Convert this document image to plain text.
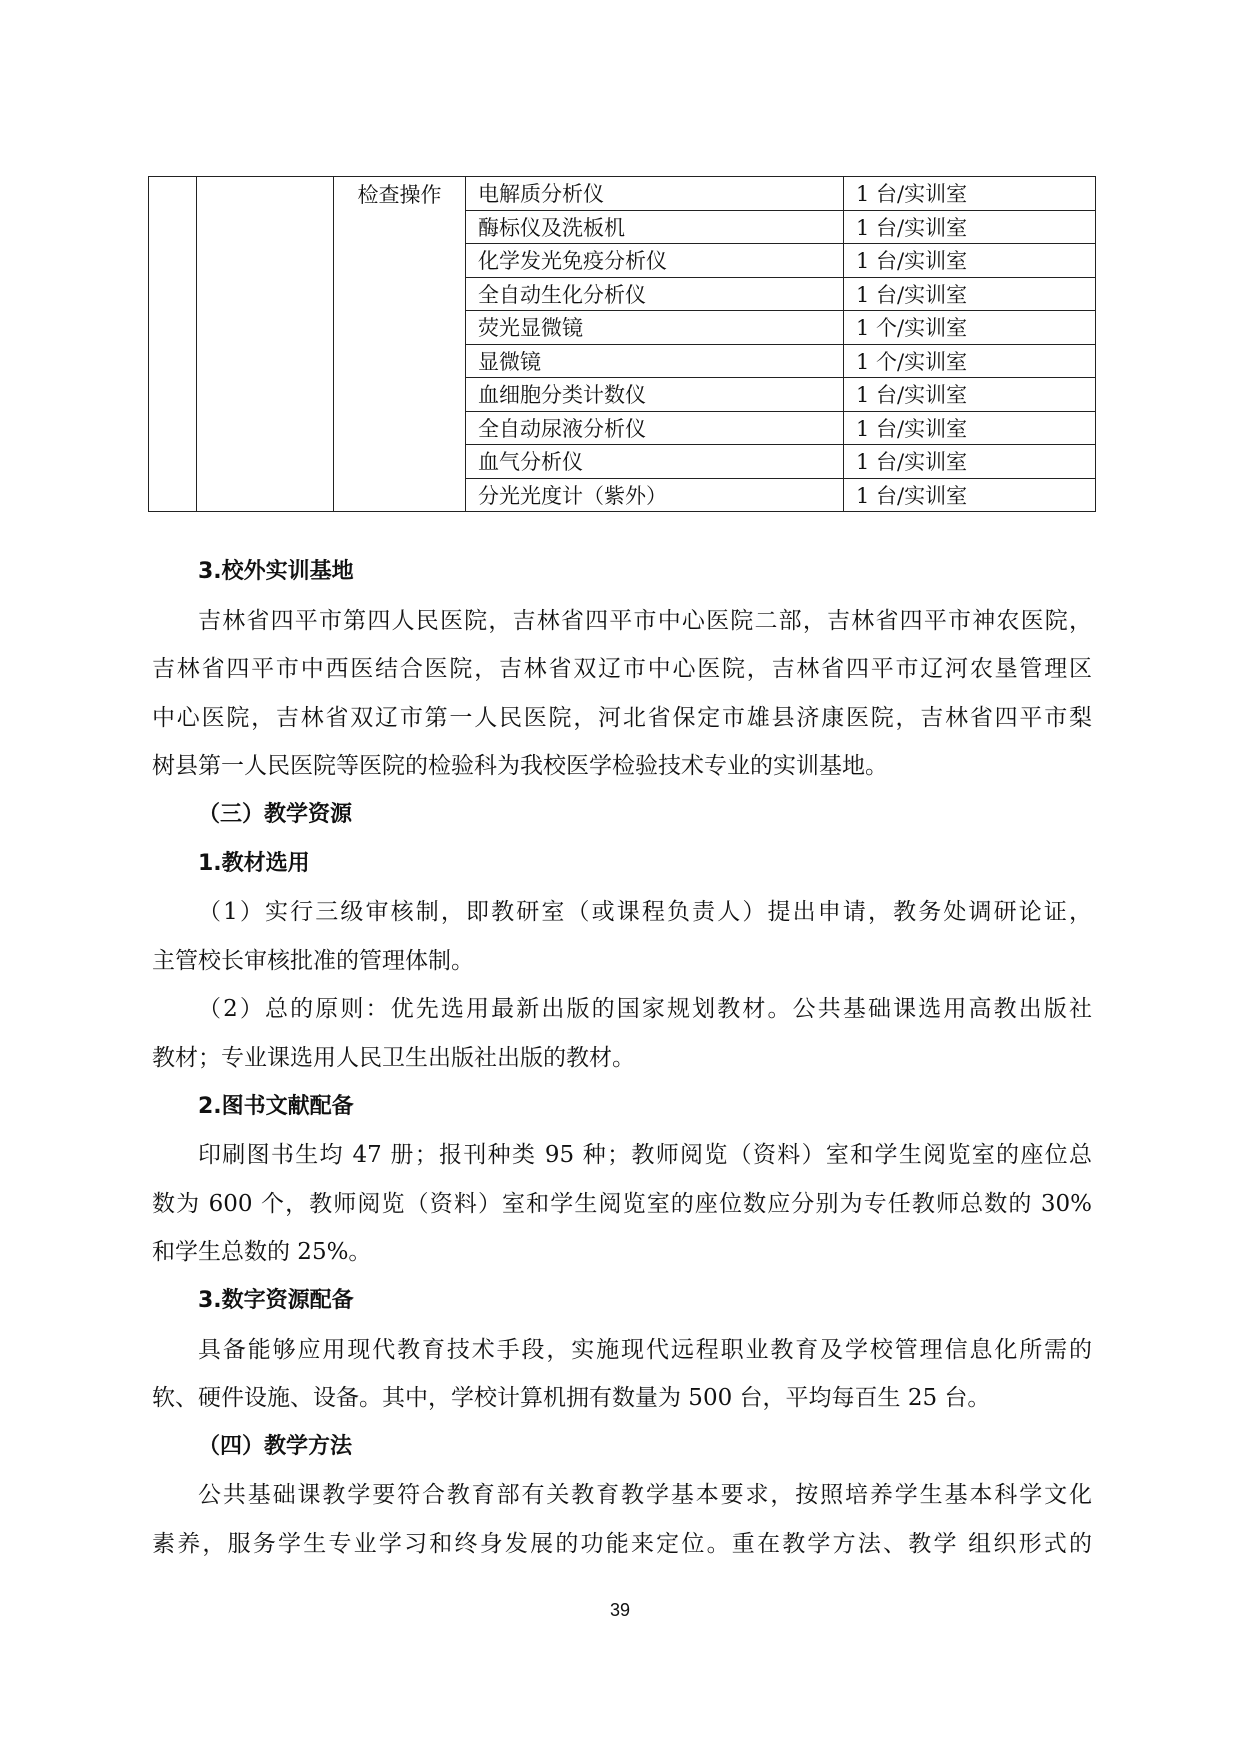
		检查操作	电解质分析仪	1 台/实训室
			酶标仪及洗板机	1 台/实训室
			化学发光免疫分析仪	1 台/实训室
			全自动生化分析仪	1 台/实训室
			荧光显微镜	1 个/实训室
			显微镜	1 个/实训室
			血细胞分类计数仪	1 台/实训室
			全自动尿液分析仪	1 台/实训室
			血气分析仪	1 台/实训室
			分光光度计（紫外）	1 台/实训室

3.校外实训基地

吉林省四平市第四人民医院，吉林省四平市中心医院二部，吉林省四平市神农医院，

吉林省四平市中西医结合医院，吉林省双辽市中心医院，吉林省四平市辽河农垦管理区

中心医院，吉林省双辽市第一人民医院，河北省保定市雄县济康医院，吉林省四平市梨

树县第一人民医院等医院的检验科为我校医学检验技术专业的实训基地。

（三）教学资源

1.教材选用

（1）实行三级审核制，即教研室（或课程负责人）提出申请，教务处调研论证，

主管校长审核批准的管理体制。

（2）总的原则：优先选用最新出版的国家规划教材。公共基础课选用高教出版社

教材；专业课选用人民卫生出版社出版的教材。

2.图书文献配备

印刷图书生均 47 册；报刊种类 95 种；教师阅览（资料）室和学生阅览室的座位总

数为 600 个，教师阅览（资料）室和学生阅览室的座位数应分别为专任教师总数的 30%

和学生总数的 25%。

3.数字资源配备

具备能够应用现代教育技术手段，实施现代远程职业教育及学校管理信息化所需的

软、硬件设施、设备。其中，学校计算机拥有数量为 500 台，平均每百生 25 台。

（四）教学方法

公共基础课教学要符合教育部有关教育教学基本要求，按照培养学生基本科学文化

素养，服务学生专业学习和终身发展的功能来定位。重在教学方法、教学 组织形式的

39
